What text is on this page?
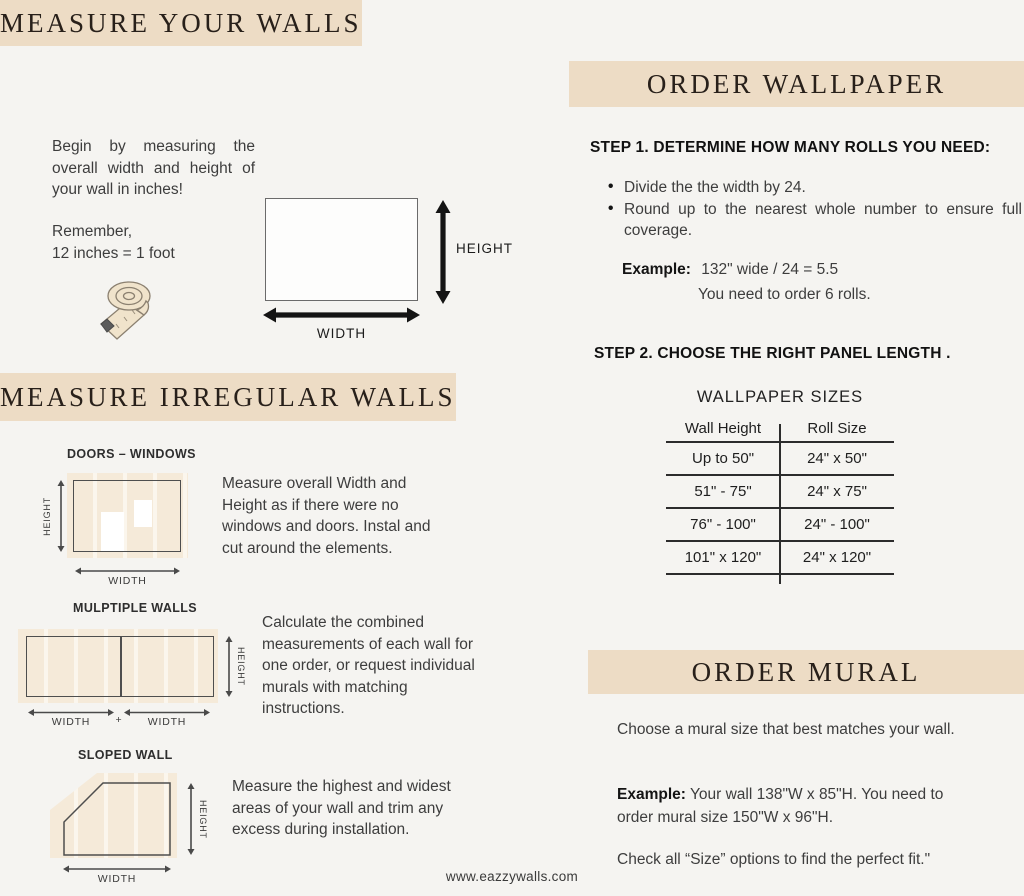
MEASURE YOUR WALLS
Begin by measuring the overall width and height of your wall in inches!
Remember,
12 inches = 1 foot	HEIGHT
WIDTH
MEASURE IRREGULAR WALLS
DOORS – WINDOWS
HEIGHT
WIDTH
Measure overall Width and Height as if there were no windows and doors. Instal and cut around the elements.
MULPTIPLE WALLS
HEIGHT
WIDTH	+	WIDTH
Calculate the combined measurements of each wall for one order, or request individual murals with matching instructions.
SLOPED WALL
HEIGHT
WIDTH
Measure the highest and widest areas of your wall and trim any excess during installation.
ORDER WALLPAPER
STEP 1. DETERMINE HOW MANY ROLLS YOU NEED:
• Divide the the width by 24.
• Round up to the nearest whole number to ensure full coverage.
Example: 132" wide / 24 = 5.5
You need to order 6 rolls.
STEP 2. CHOOSE THE RIGHT PANEL LENGTH .
WALLPAPER SIZES
Wall Height	Roll Size
Up to 50"	24" x 50"
51" - 75"	24" x 75"
76" - 100"	24" - 100"
101" x 120"	24" x 120"
ORDER MURAL
Choose a mural size that best matches your wall.
Example: Your wall 138"W x 85"H. You need to order mural size 150"W x 96"H.
Check all “Size” options to find the perfect fit."
www.eazzywalls.com
